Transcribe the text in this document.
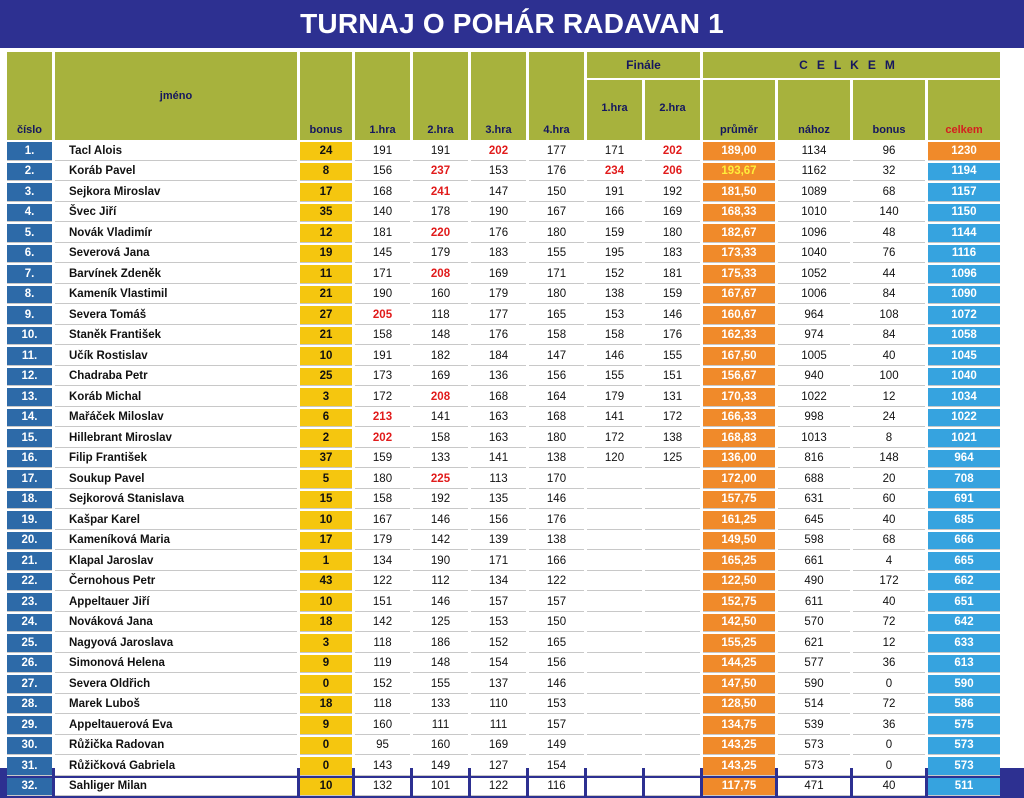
TURNAJ O POHÁR RADAVAN 1
číslo	jméno	bonus	1.hra	2.hra	3.hra	4.hra	Finále		CELKEM			
							1.hra	2.hra	průměr	nához	bonus	celkem
1.	Tacl Alois	24	191	191	202	177	171	202	189,00	1134	96	1230
2.	Koráb Pavel	8	156	237	153	176	234	206	193,67	1162	32	1194
3.	Sejkora Miroslav	17	168	241	147	150	191	192	181,50	1089	68	1157
4.	Švec Jiří	35	140	178	190	167	166	169	168,33	1010	140	1150
5.	Novák Vladimír	12	181	220	176	180	159	180	182,67	1096	48	1144
6.	Severová Jana	19	145	179	183	155	195	183	173,33	1040	76	1116
7.	Barvínek Zdeněk	11	171	208	169	171	152	181	175,33	1052	44	1096
8.	Kameník Vlastimil	21	190	160	179	180	138	159	167,67	1006	84	1090
9.	Severa Tomáš	27	205	118	177	165	153	146	160,67	964	108	1072
10.	Staněk František	21	158	148	176	158	158	176	162,33	974	84	1058
11.	Učík Rostislav	10	191	182	184	147	146	155	167,50	1005	40	1045
12.	Chadraba Petr	25	173	169	136	156	155	151	156,67	940	100	1040
13.	Koráb Michal	3	172	208	168	164	179	131	170,33	1022	12	1034
14.	Mařáček Miloslav	6	213	141	163	168	141	172	166,33	998	24	1022
15.	Hillebrant Miroslav	2	202	158	163	180	172	138	168,83	1013	8	1021
16.	Filip František	37	159	133	141	138	120	125	136,00	816	148	964
17.	Soukup Pavel	5	180	225	113	170			172,00	688	20	708
18.	Sejkorová Stanislava	15	158	192	135	146			157,75	631	60	691
19.	Kašpar Karel	10	167	146	156	176			161,25	645	40	685
20.	Kameníková Maria	17	179	142	139	138			149,50	598	68	666
21.	Klapal Jaroslav	1	134	190	171	166			165,25	661	4	665
22.	Černohous Petr	43	122	112	134	122			122,50	490	172	662
23.	Appeltauer Jiří	10	151	146	157	157			152,75	611	40	651
24.	Nováková Jana	18	142	125	153	150			142,50	570	72	642
25.	Nagyová Jaroslava	3	118	186	152	165			155,25	621	12	633
26.	Simonová Helena	9	119	148	154	156			144,25	577	36	613
27.	Severa Oldřich	0	152	155	137	146			147,50	590	0	590
28.	Marek Luboš	18	118	133	110	153			128,50	514	72	586
29.	Appeltauerová Eva	9	160	111	111	157			134,75	539	36	575
30.	Růžička Radovan	0	95	160	169	149			143,25	573	0	573
31.	Růžičková Gabriela	0	143	149	127	154			143,25	573	0	573
32.	Sahliger Milan	10	132	101	122	116			117,75	471	40	511
